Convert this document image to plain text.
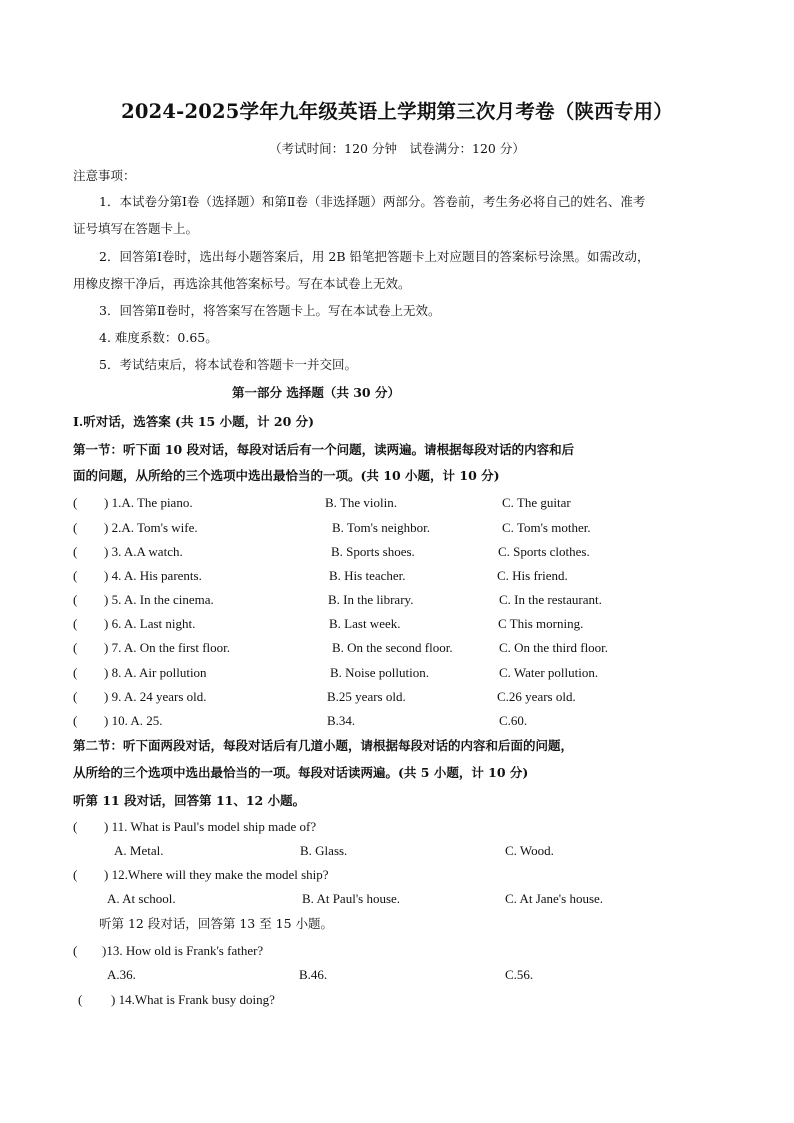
2024-2025学年九年级英语上学期第三次月考卷（陕西专用）
（考试时间：120 分钟　试卷满分：120 分）
注意事项：
1．本试卷分第Ⅰ卷（选择题）和第Ⅱ卷（非选择题）两部分。答卷前，考生务必将自己的姓名、准考
证号填写在答题卡上。
2．回答第Ⅰ卷时，选出每小题答案后，用 2B 铅笔把答题卡上对应题目的答案标号涂黑。如需改动，
用橡皮擦干净后，再选涂其他答案标号。写在本试卷上无效。
3．回答第Ⅱ卷时，将答案写在答题卡上。写在本试卷上无效。
4. 难度系数：0.65。
5．考试结束后，将本试卷和答题卡一并交回。
第一部分 选择题（共 30 分）
Ⅰ.听对话，选答案 (共 15 小题，计 20 分)
第一节：听下面 10 段对话，每段对话后有一个问题，读两遍。请根据每段对话的内容和后
面的问题，从所给的三个选项中选出最恰当的一项。(共 10 小题，计 10 分)
( ) 1.A. The piano.	B. The violin.	C. The guitar
( ) 2.A. Tom's wife.	B. Tom's neighbor.	C. Tom's mother.
( ) 3. A.A watch.	B. Sports shoes.	C. Sports clothes.
( ) 4. A. His parents.	B. His teacher.	C. His friend.
( ) 5. A. In the cinema.	B. In the library.	C. In the restaurant.
( ) 6. A. Last night.	B. Last week.	C This morning.
( ) 7. A. On the first floor.	B. On the second floor.	C. On the third floor.
( ) 8. A. Air pollution	B. Noise pollution.	C. Water pollution.
( ) 9. A. 24 years old.	B.25 years old.	C.26 years old.
( ) 10. A. 25.	B.34.	C.60.
第二节：听下面两段对话，每段对话后有几道小题，请根据每段对话的内容和后面的问题，
从所给的三个选项中选出最恰当的一项。每段对话读两遍。(共 5 小题，计 10 分)
听第 11 段对话，回答第 11、12 小题。
( ) 11. What is Paul's model ship made of?
A. Metal.	B. Glass.	C. Wood.
( ) 12.Where will they make the model ship?
A. At school.	B. At Paul's house.	C. At Jane's house.
听第 12 段对话，回答第 13 至 15 小题。
( )13. How old is Frank's father?
A.36.	B.46.	C.56.
( ) 14.What is Frank busy doing?
